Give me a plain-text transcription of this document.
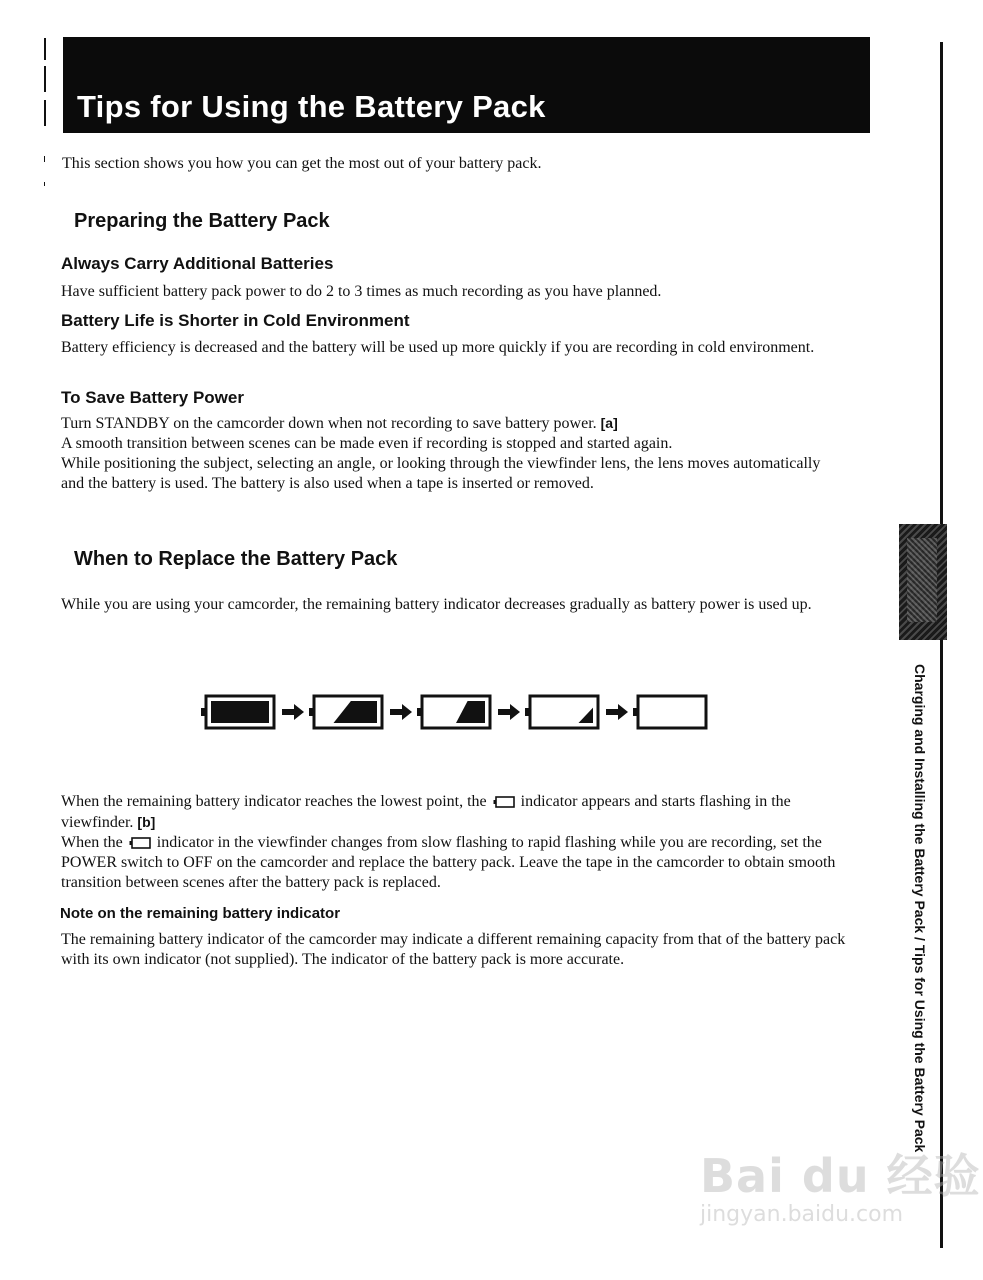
Tips for Using the Battery Pack
Charging and Installing the Battery Pack / Tips for Using the Battery Pack
This section shows you how you can get the most out of your battery pack.
Preparing the Battery Pack
Always Carry Additional Batteries

Have sufficient battery pack power to do 2 to 3 times as much recording as you have planned.

Battery Life is Shorter in Cold Environment

Battery efficiency is decreased and the battery will be used up more quickly if you are recording in cold environment.

To Save Battery Power

Turn STANDBY on the camcorder down when not recording to save battery power. [a]

A smooth transition between scenes can be made even if recording is stopped and started again.

While positioning the subject, selecting an angle, or looking through the viewfinder lens, the lens moves automatically and the battery is used. The battery is also used when a tape is inserted or removed.

When to Replace the Battery Pack

While you are using your camcorder, the remaining battery indicator decreases gradually as battery power is used up.

When the remaining battery indicator reaches the lowest point, the indicator appears and starts flashing in the viewfinder. [b]

When the indicator in the viewfinder changes from slow flashing to rapid flashing while you are recording, set the POWER switch to OFF on the camcorder and replace the battery pack. Leave the tape in the camcorder to obtain smooth transition between scenes after the battery pack is replaced.

Note on the remaining battery indicator

The remaining battery indicator of the camcorder may indicate a different remaining capacity from that of the battery pack with its own indicator (not supplied). The indicator of the battery pack is more accurate.

Bai du 经验
jingyan.baidu.com
